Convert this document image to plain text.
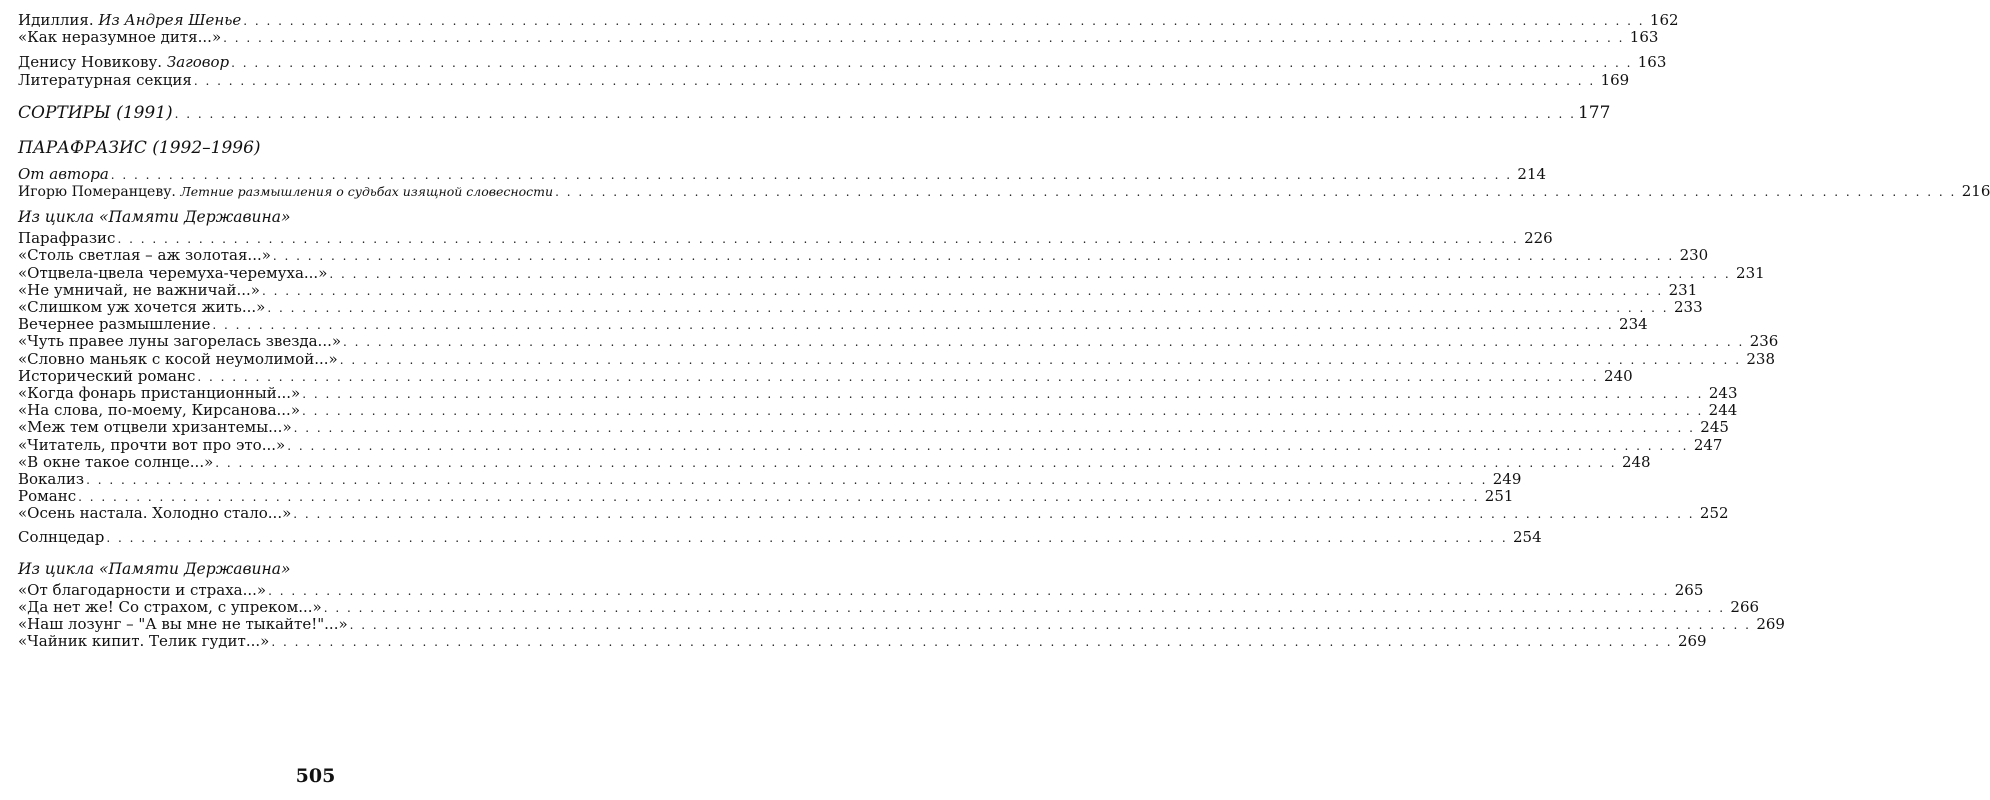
Идиллия. Из Андрея Шенье . . .	162
«Как неразумное дитя...» . . .	163
Денису Новикову. Заговор . . .	163
Литературная секция . . .	169
СОРТИРЫ (1991) . . .	177
ПАРАФРАЗИС (1992–1996)
От автора . . .	214
Игорю Померанцеву. Летние размышления о судьбах изящной словесности . . .	216
Из цикла «Памяти Державина»
Парафразис . . .	226
«Столь светлая – аж золотая...» . . .	230
«Отцвела-цвела черемуха-черемуха...» . . .	231
«Не умничай, не важничай...» . . .	231
«Слишком уж хочется жить...» . . .	233
Вечернее размышление . . .	234
«Чуть правее луны загорелась звезда...» . . .	236
«Словно маньяк с косой неумолимой...» . . .	238
Исторический романс . . .	240
«Когда фонарь пристанционный...» . . .	243
«На слова, по-моему, Кирсанова...» . . .	244
«Меж тем отцвели хризантемы...» . . .	245
«Читатель, прочти вот про это...» . . .	247
«В окне такое солнце...» . . .	248
Вокализ . . .	249
Романс . . .	251
«Осень настала. Холодно стало...» . . .	252
Солнцедар . . .	254
Из цикла «Памяти Державина»
«От благодарности и страха...» . . .	265
«Да нет же! Со страхом, с упреком...» . . .	266
«Наш лозунг – "А вы мне не тыкайте!"...» . . .	269
«Чайник кипит. Телик гудит...» . . .	269
505
